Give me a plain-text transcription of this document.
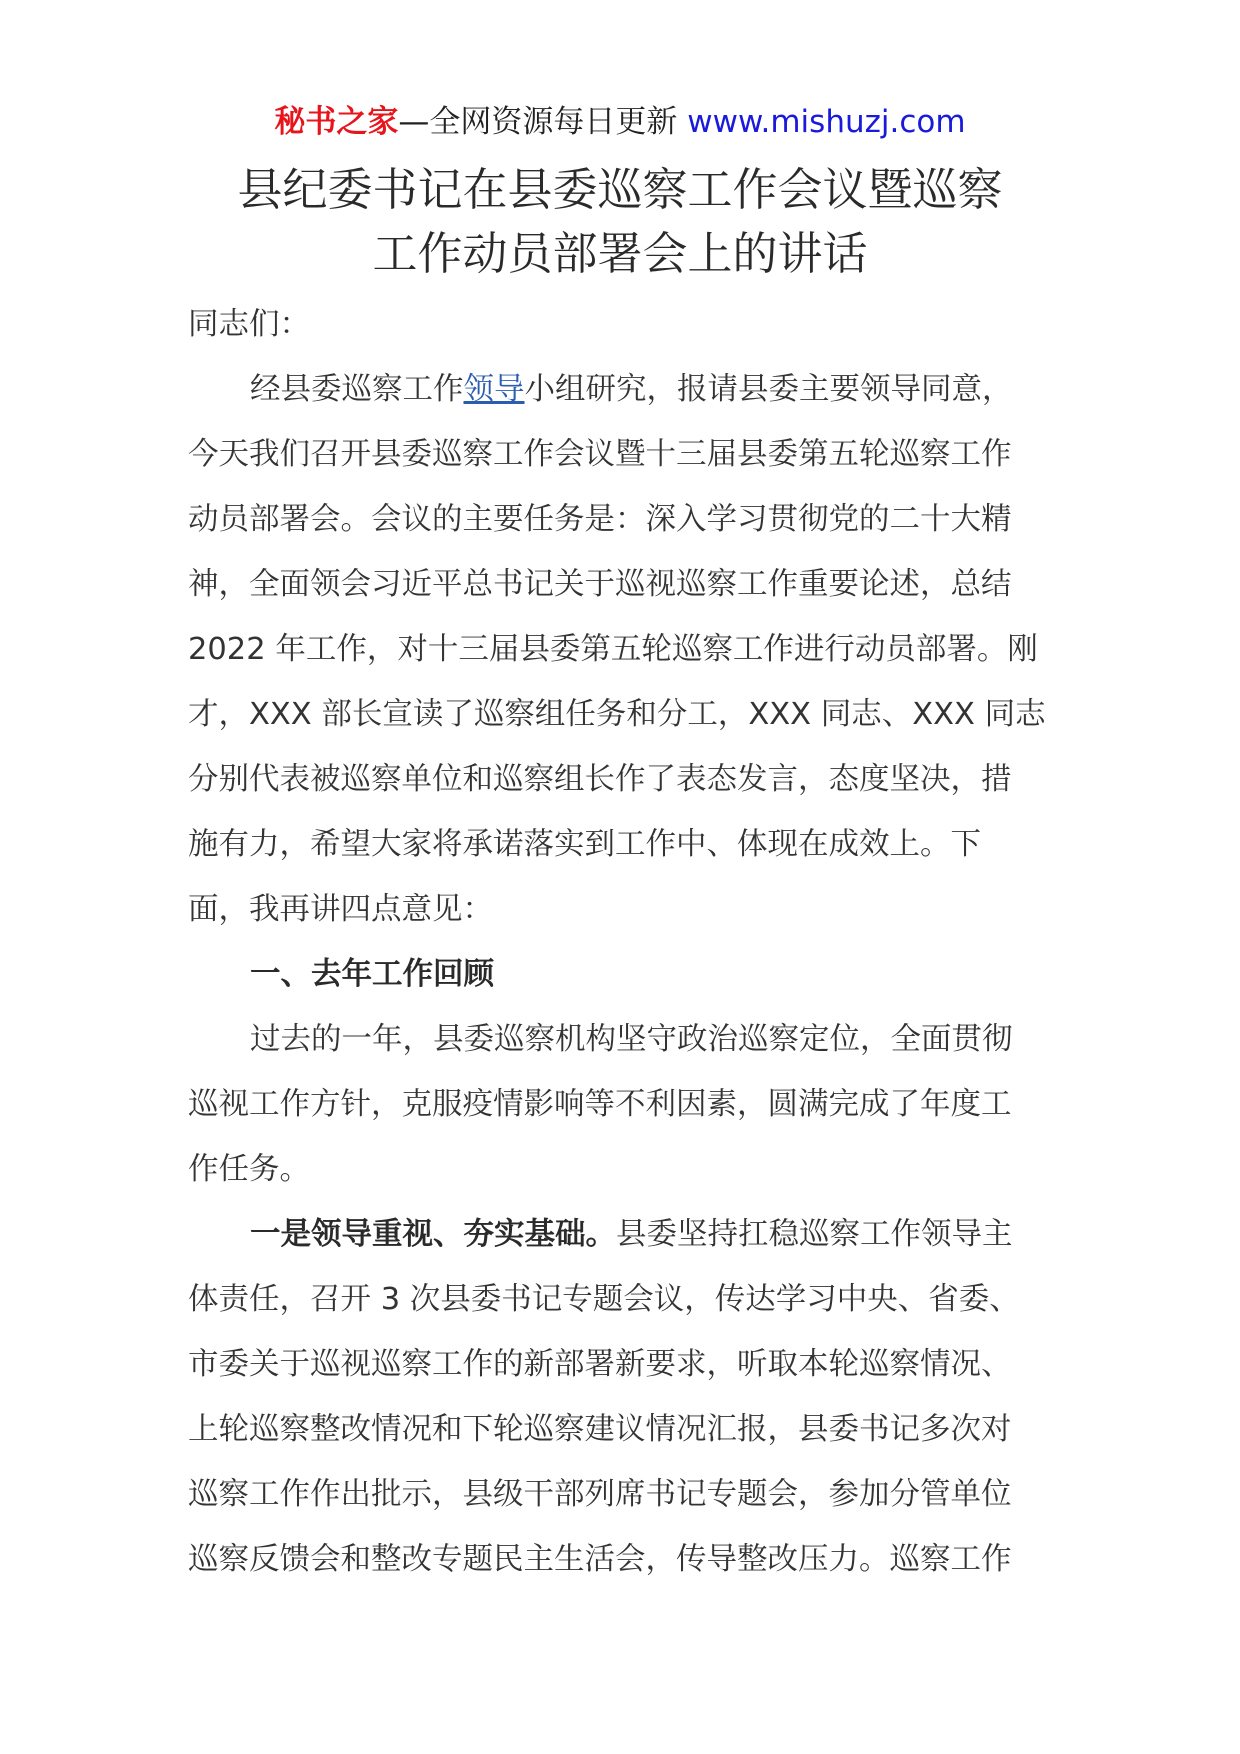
秘书之家—全网资源每日更新 www.mishuzj.com
县纪委书记在县委巡察工作会议暨巡察
工作动员部署会上的讲话
同志们：
经县委巡察工作领导小组研究，报请县委主要领导同意，
今天我们召开县委巡察工作会议暨十三届县委第五轮巡察工作
动员部署会。会议的主要任务是：深入学习贯彻党的二十大精
神，全面领会习近平总书记关于巡视巡察工作重要论述，总结
2022 年工作，对十三届县委第五轮巡察工作进行动员部署。刚
才，XXX 部长宣读了巡察组任务和分工，XXX 同志、XXX 同志
分别代表被巡察单位和巡察组长作了表态发言，态度坚决，措
施有力，希望大家将承诺落实到工作中、体现在成效上。下
面，我再讲四点意见：
一、去年工作回顾
过去的一年，县委巡察机构坚守政治巡察定位，全面贯彻
巡视工作方针，克服疫情影响等不利因素，圆满完成了年度工
作任务。
一是领导重视、夯实基础。县委坚持扛稳巡察工作领导主
体责任，召开 3 次县委书记专题会议，传达学习中央、省委、
市委关于巡视巡察工作的新部署新要求，听取本轮巡察情况、
上轮巡察整改情况和下轮巡察建议情况汇报，县委书记多次对
巡察工作作出批示，县级干部列席书记专题会，参加分管单位
巡察反馈会和整改专题民主生活会，传导整改压力。巡察工作
